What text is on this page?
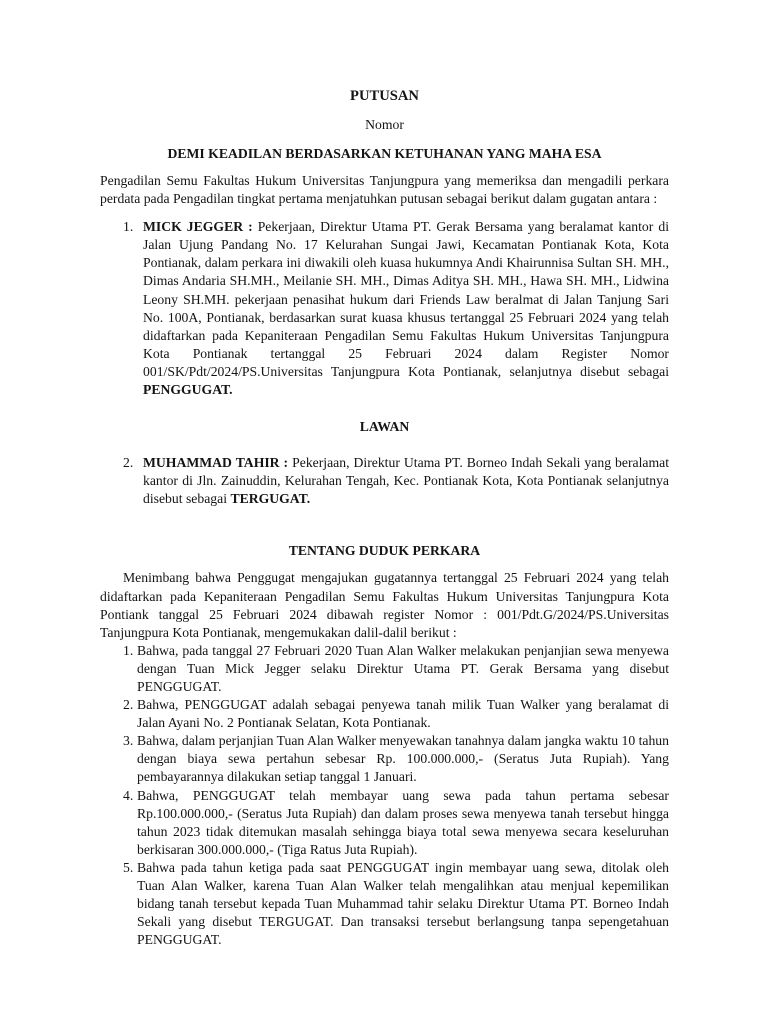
PUTUSAN
Nomor
DEMI KEADILAN BERDASARKAN KETUHANAN YANG MAHA ESA
Pengadilan Semu Fakultas Hukum Universitas Tanjungpura yang memeriksa dan mengadili perkara perdata pada Pengadilan tingkat pertama menjatuhkan putusan sebagai berikut dalam gugatan antara :
1. MICK JEGGER : Pekerjaan, Direktur Utama PT. Gerak Bersama yang beralamat kantor di Jalan Ujung Pandang No. 17 Kelurahan Sungai Jawi, Kecamatan Pontianak Kota, Kota Pontianak, dalam perkara ini diwakili oleh kuasa hukumnya Andi Khairunnisa Sultan SH. MH., Dimas Andaria SH.MH., Meilanie SH. MH., Dimas Aditya SH. MH., Hawa SH. MH., Lidwina Leony SH.MH. pekerjaan penasihat hukum dari Friends Law beralmat di Jalan Tanjung Sari No. 100A, Pontianak, berdasarkan surat kuasa khusus tertanggal 25 Februari 2024 yang telah didaftarkan pada Kepaniteraan Pengadilan Semu Fakultas Hukum Universitas Tanjungpura Kota Pontianak tertanggal 25 Februari 2024 dalam Register Nomor 001/SK/Pdt/2024/PS.Universitas Tanjungpura Kota Pontianak, selanjutnya disebut sebagai PENGGUGAT.
LAWAN
2. MUHAMMAD TAHIR : Pekerjaan, Direktur Utama PT. Borneo Indah Sekali yang beralamat kantor di Jln. Zainuddin, Kelurahan Tengah, Kec. Pontianak Kota, Kota Pontianak selanjutnya disebut sebagai TERGUGAT.
TENTANG DUDUK PERKARA
Menimbang bahwa Penggugat mengajukan gugatannya tertanggal 25 Februari 2024 yang telah didaftarkan pada Kepaniteraan Pengadilan Semu Fakultas Hukum Universitas Tanjungpura Kota Pontiank tanggal 25 Februari 2024 dibawah register Nomor : 001/Pdt.G/2024/PS.Universitas Tanjungpura Kota Pontianak, mengemukakan dalil-dalil berikut :
1. Bahwa, pada tanggal 27 Februari 2020 Tuan Alan Walker melakukan penjanjian sewa menyewa dengan Tuan Mick Jegger selaku Direktur Utama PT. Gerak Bersama yang disebut PENGGUGAT.
2. Bahwa, PENGGUGAT adalah sebagai penyewa tanah milik Tuan Walker yang beralamat di Jalan Ayani No. 2 Pontianak Selatan, Kota Pontianak.
3. Bahwa, dalam perjanjian Tuan Alan Walker menyewakan tanahnya dalam jangka waktu 10 tahun dengan biaya sewa pertahun sebesar Rp. 100.000.000,- (Seratus Juta Rupiah). Yang pembayarannya dilakukan setiap tanggal 1 Januari.
4. Bahwa, PENGGUGAT telah membayar uang sewa pada tahun pertama sebesar Rp.100.000.000,- (Seratus Juta Rupiah) dan dalam proses sewa menyewa tanah tersebut hingga tahun 2023 tidak ditemukan masalah sehingga biaya total sewa menyewa secara keseluruhan berkisaran 300.000.000,- (Tiga Ratus Juta Rupiah).
5. Bahwa pada tahun ketiga pada saat PENGGUGAT ingin membayar uang sewa, ditolak oleh Tuan Alan Walker, karena Tuan Alan Walker telah mengalihkan atau menjual kepemilikan bidang tanah tersebut kepada Tuan Muhammad tahir selaku Direktur Utama PT. Borneo Indah Sekali yang disebut TERGUGAT. Dan transaksi tersebut berlangsung tanpa sepengetahuan PENGGUGAT.
